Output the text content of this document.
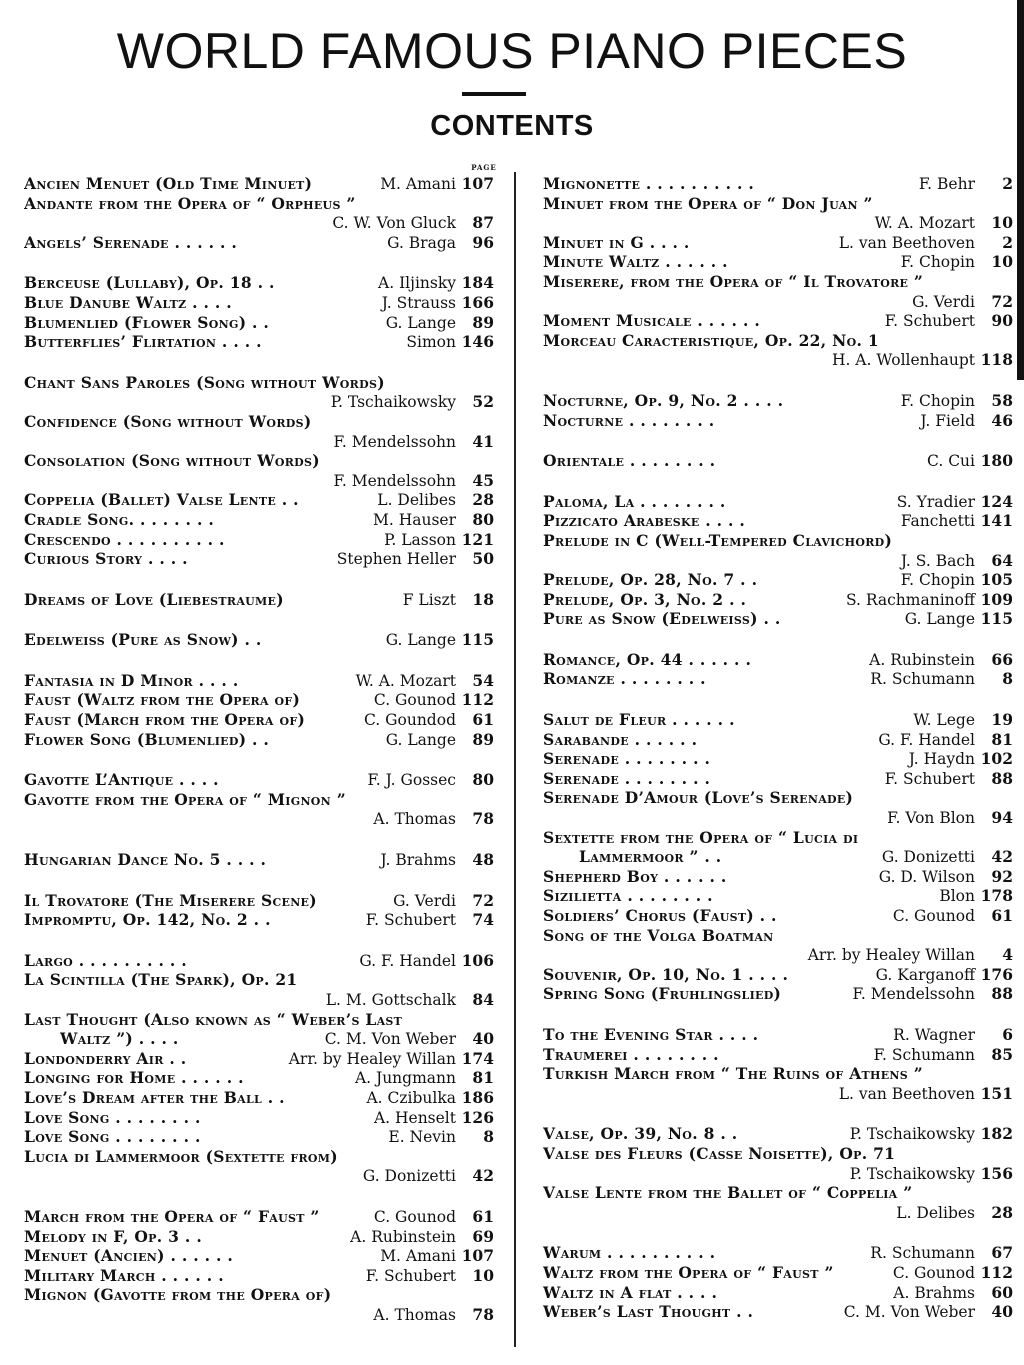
WORLD FAMOUS PIANO PIECES
CONTENTS
PAGE
Ancien Menuet (Old Time Minuet)	M. Amani 107
Andante from the Opera of “ Orpheus ”
C. W. Von Gluck	87
Angels’ Serenade . . . . . .	G. Braga	96
Berceuse (Lullaby), Op. 18 . .	A. Iljinsky 184
Blue Danube Waltz . . . .	J. Strauss 166
Blumenlied (Flower Song) . .	G. Lange	89
Butterflies’ Flirtation . . . .	Simon 146
Chant Sans Paroles (Song without Words)
P. Tschaikowsky	52
Confidence (Song without Words)
F. Mendelssohn	41
Consolation (Song without Words)
F. Mendelssohn	45
Coppelia (Ballet) Valse Lente . .	L. Delibes	28
Cradle Song. . . . . . . .	M. Hauser	80
Crescendo . . . . . . . . . .	P. Lasson 121
Curious Story . . . .	Stephen Heller	50
Dreams of Love (Liebestraume)	F Liszt	18
Edelweiss (Pure as Snow) . .	G. Lange 115
Fantasia in D Minor . . . .	W. A. Mozart	54
Faust (Waltz from the Opera of)	C. Gounod 112
Faust (March from the Opera of)	C. Goundod	61
Flower Song (Blumenlied) . .	G. Lange	89
Gavotte L’Antique . . . .	F. J. Gossec	80
Gavotte from the Opera of “ Mignon ”
A. Thomas	78
Hungarian Dance No. 5 . . . .	J. Brahms	48
Il Trovatore (The Miserere Scene)	G. Verdi	72
Impromptu, Op. 142, No. 2 . .	F. Schubert	74
Largo . . . . . . . . . .	G. F. Handel 106
La Scintilla (The Spark), Op. 21
L. M. Gottschalk	84
Last Thought (Also known as “ Weber’s Last
Waltz ”) . . . .	C. M. Von Weber	40
Londonderry Air . .	Arr. by Healey Willan 174
Longing for Home . . . . . .	A. Jungmann	81
Love’s Dream after the Ball . .	A. Czibulka 186
Love Song . . . . . . . .	A. Henselt 126
Love Song . . . . . . . .	E. Nevin	8
Lucia di Lammermoor (Sextette from)
G. Donizetti	42
March from the Opera of “ Faust ”	C. Gounod	61
Melody in F, Op. 3 . .	A. Rubinstein	69
Menuet (Ancien) . . . . . .	M. Amani 107
Military March . . . . . .	F. Schubert	10
Mignon (Gavotte from the Opera of)
A. Thomas	78
Mignonette . . . . . . . . . .	F. Behr	2
Minuet from the Opera of “ Don Juan ”
W. A. Mozart	10
Minuet in G . . . .	L. van Beethoven	2
Minute Waltz . . . . . .	F. Chopin	10
Miserere, from the Opera of “ Il Trovatore ”
G. Verdi	72
Moment Musicale . . . . . .	F. Schubert	90
Morceau Caracteristique, Op. 22, No. 1
H. A. Wollenhaupt 118
Nocturne, Op. 9, No. 2 . . . .	F. Chopin	58
Nocturne . . . . . . . .	J. Field	46
Orientale . . . . . . . .	C. Cui 180
Paloma, La . . . . . . . .	S. Yradier 124
Pizzicato Arabeske . . . .	Fanchetti 141
Prelude in C (Well-Tempered Clavichord)
J. S. Bach	64
Prelude, Op. 28, No. 7 . .	F. Chopin 105
Prelude, Op. 3, No. 2 . .	S. Rachmaninoff 109
Pure as Snow (Edelweiss) . .	G. Lange 115
Romance, Op. 44 . . . . . .	A. Rubinstein	66
Romanze . . . . . . . .	R. Schumann	8
Salut de Fleur . . . . . .	W. Lege	19
Sarabande . . . . . .	G. F. Handel	81
Serenade . . . . . . . .	J. Haydn 102
Serenade . . . . . . . .	F. Schubert	88
Serenade D’Amour (Love’s Serenade)
F. Von Blon	94
Sextette from the Opera of “ Lucia di
Lammermoor ” . .	G. Donizetti	42
Shepherd Boy . . . . . .	G. D. Wilson	92
Siziliettа . . . . . . . .	Blon 178
Soldiers’ Chorus (Faust) . .	C. Gounod	61
Song of the Volga Boatman
Arr. by Healey Willan	4
Souvenir, Op. 10, No. 1 . . . .	G. Karganoff 176
Spring Song (Fruhlingslied)	F. Mendelssohn	88
To the Evening Star . . . .	R. Wagner	6
Traumerei . . . . . . . .	F. Schumann	85
Turkish March from “ The Ruins of Athens ”
L. van Beethoven 151
Valse, Op. 39, No. 8 . .	P. Tschaikowsky 182
Valse des Fleurs (Casse Noisette), Op. 71
P. Tschaikowsky 156
Valse Lente from the Ballet of “ Coppelia ”
L. Delibes	28
Warum . . . . . . . . . .	R. Schumann	67
Waltz from the Opera of “ Faust ”	C. Gounod 112
Waltz in A flat . . . .	A. Brahms	60
Weber’s Last Thought . .	C. M. Von Weber	40
